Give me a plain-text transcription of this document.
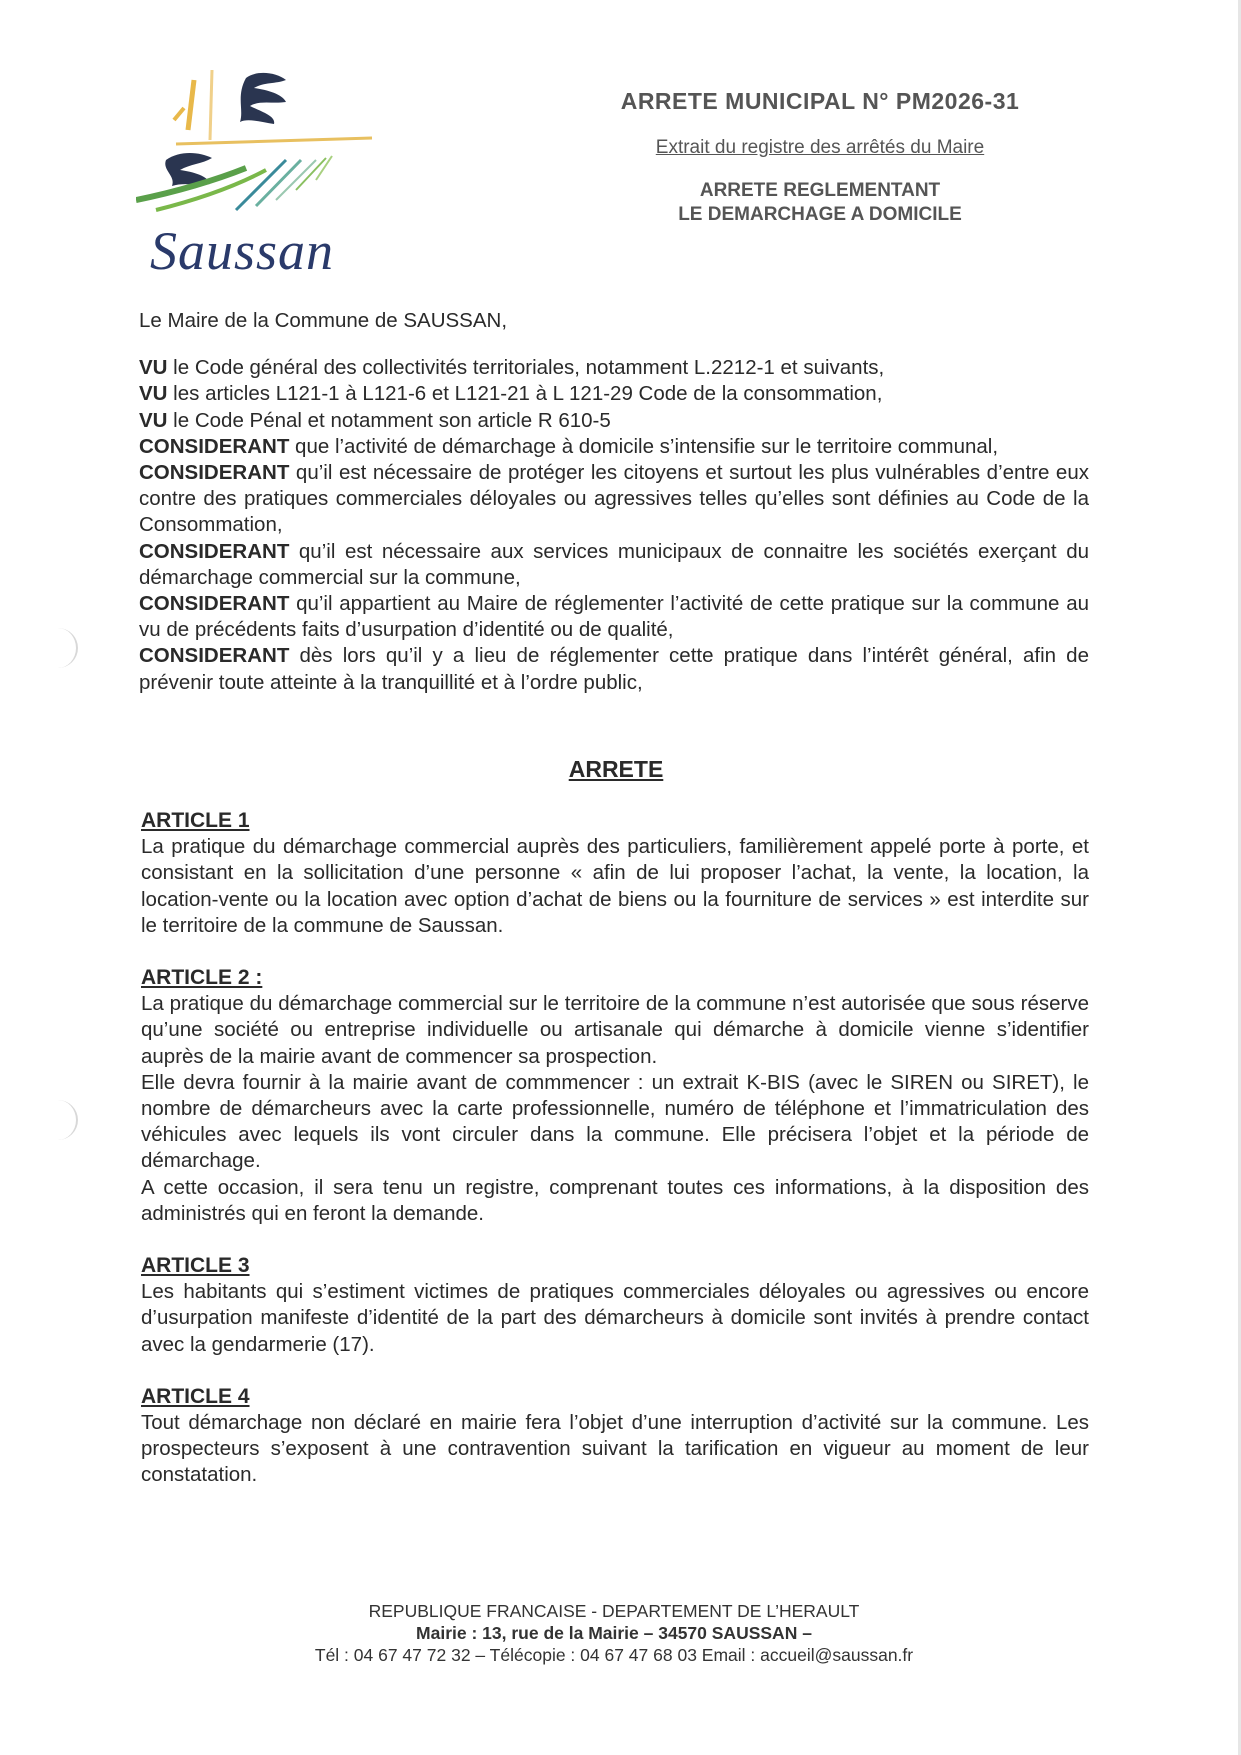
Saussan
ARRETE MUNICIPAL N° PM2026-31
Extrait du registre des arrêtés du Maire
ARRETE REGLEMENTANT
LE DEMARCHAGE A DOMICILE
Le Maire de la Commune de SAUSSAN,
VU le Code général des collectivités territoriales, notamment L.2212-1 et suivants,
VU les articles L121-1 à L121-6 et L121-21 à L 121-29 Code de la consommation,
VU le Code Pénal et notamment son article R 610-5
CONSIDERANT que l’activité de démarchage à domicile s’intensifie sur le territoire communal,
CONSIDERANT qu’il est nécessaire de protéger les citoyens et surtout les plus vulnérables d’entre eux contre des pratiques commerciales déloyales ou agressives telles qu’elles sont définies au Code de la Consommation,
CONSIDERANT qu’il est nécessaire aux services municipaux de connaitre les sociétés exerçant du démarchage commercial sur la commune,
CONSIDERANT qu’il appartient au Maire de réglementer l’activité de cette pratique sur la commune au vu de précédents faits d’usurpation d’identité ou de qualité,
CONSIDERANT dès lors qu’il y a lieu de réglementer cette pratique dans l’intérêt général, afin de prévenir toute atteinte à la tranquillité et à l’ordre public,
ARRETE
ARTICLE 1

La pratique du démarchage commercial auprès des particuliers, familièrement appelé porte à porte, et consistant en la sollicitation d’une personne « afin de lui proposer l’achat, la vente, la location, la location-vente ou la location avec option d’achat de biens ou la fourniture de services » est interdite sur le territoire de la commune de Saussan.

ARTICLE 2 :

La pratique du démarchage commercial sur le territoire de la commune n’est autorisée que sous réserve qu’une société ou entreprise individuelle ou artisanale qui démarche à domicile vienne s’identifier auprès de la mairie avant de commencer sa prospection.

Elle devra fournir à la mairie avant de commmencer : un extrait K-BIS (avec le SIREN ou SIRET), le nombre de démarcheurs avec la carte professionnelle, numéro de téléphone et l’immatriculation des véhicules avec lequels ils vont circuler dans la commune. Elle précisera l’objet et la période de démarchage.

A cette occasion, il sera tenu un registre, comprenant toutes ces informations, à la disposition des administrés qui en feront la demande.

ARTICLE 3

Les habitants qui s’estiment victimes de pratiques commerciales déloyales ou agressives ou encore d’usurpation manifeste d’identité de la part des démarcheurs à domicile sont invités à prendre contact avec la gendarmerie (17).

ARTICLE 4

Tout démarchage non déclaré en mairie fera l’objet d’une interruption d’activité sur la commune. Les prospecteurs s’exposent à une contravention suivant la tarification en vigueur au moment de leur constatation.

REPUBLIQUE FRANCAISE - DEPARTEMENT DE L’HERAULT
Mairie : 13, rue de la Mairie – 34570 SAUSSAN –
Tél : 04 67 47 72 32 – Télécopie : 04 67 47 68 03 Email : accueil@saussan.fr
